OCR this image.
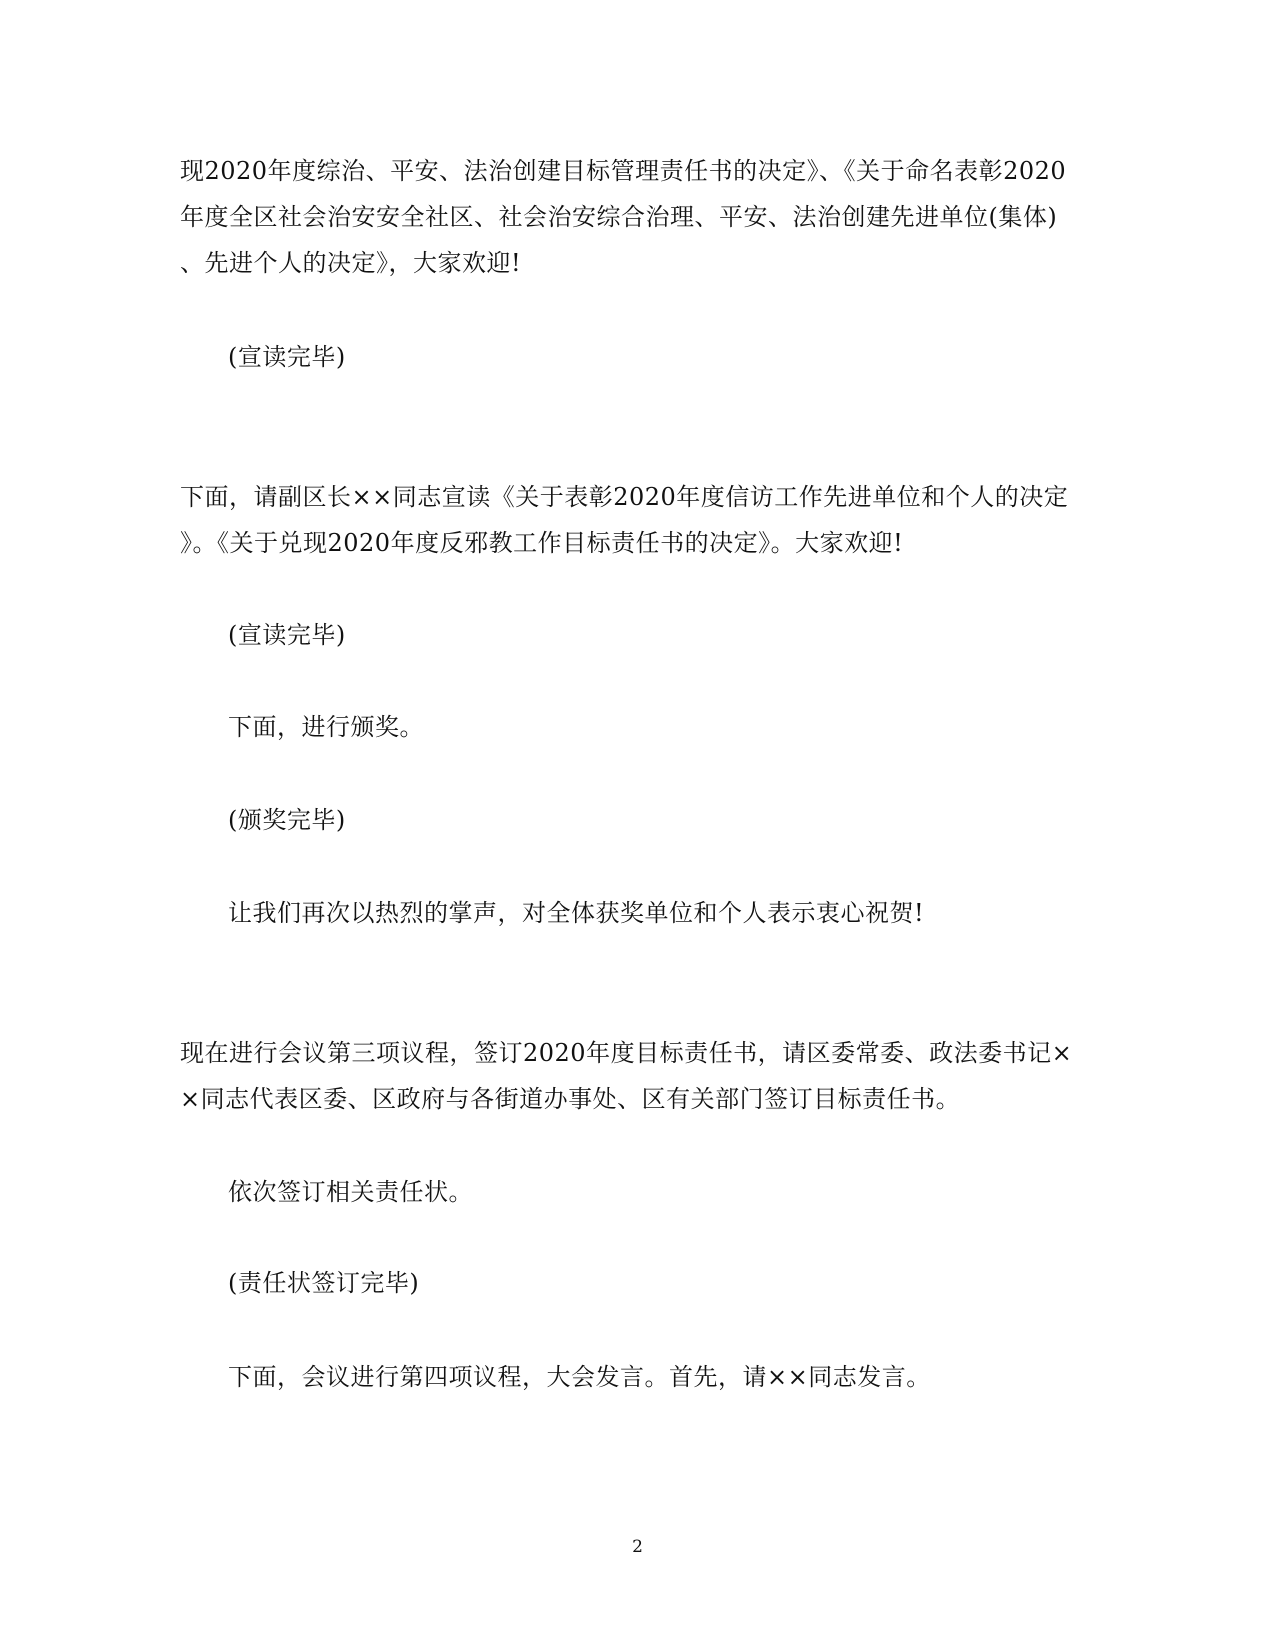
现2020年度综治、平安、法治创建目标管理责任书的决定》、《关于命名表彰2020
年度全区社会治安安全社区、社会治安综合治理、平安、法治创建先进单位(集体)
、先进个人的决定》，大家欢迎!
(宣读完毕)
下面，请副区长××同志宣读《关于表彰2020年度信访工作先进单位和个人的决定
》。《关于兑现2020年度反邪教工作目标责任书的决定》。大家欢迎!
(宣读完毕)
下面，进行颁奖。
(颁奖完毕)
让我们再次以热烈的掌声，对全体获奖单位和个人表示衷心祝贺!
现在进行会议第三项议程，签订2020年度目标责任书，请区委常委、政法委书记×
×同志代表区委、区政府与各街道办事处、区有关部门签订目标责任书。
依次签订相关责任状。
(责任状签订完毕)
下面，会议进行第四项议程，大会发言。首先，请××同志发言。
2
